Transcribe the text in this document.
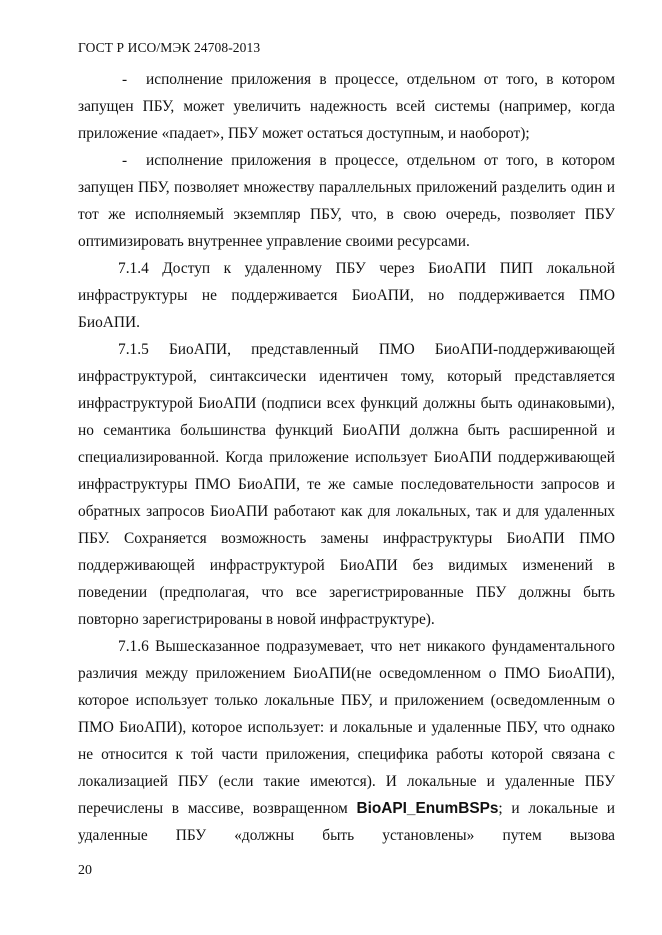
ГОСТ Р ИСО/МЭК 24708-2013

- исполнение приложения в процессе, отдельном от того, в котором запущен ПБУ, может увеличить надежность всей системы (например, когда приложение «падает», ПБУ может остаться доступным, и наоборот);

- исполнение приложения в процессе, отдельном от того, в котором запущен ПБУ, позволяет множеству параллельных приложений разделить один и тот же исполняемый экземпляр ПБУ, что, в свою очередь, позволяет ПБУ оптимизировать внутреннее управление своими ресурсами.

7.1.4 Доступ к удаленному ПБУ через БиоАПИ ПИП локальной инфраструктуры не поддерживается БиоАПИ, но поддерживается ПМО БиоАПИ.

7.1.5 БиоАПИ, представленный ПМО БиоАПИ-поддерживающей инфраструктурой, синтаксически идентичен тому, который представляется инфраструктурой БиоАПИ (подписи всех функций должны быть одинаковыми), но семантика большинства функций БиоАПИ должна быть расширенной и специализированной. Когда приложение использует БиоАПИ поддерживающей инфраструктуры ПМО БиоАПИ, те же самые последовательности запросов и обратных запросов БиоАПИ работают как для локальных, так и для удаленных ПБУ. Сохраняется возможность замены инфраструктуры БиоАПИ ПМО поддерживающей инфраструктурой БиоАПИ без видимых изменений в поведении (предполагая, что все зарегистрированные ПБУ должны быть повторно зарегистрированы в новой инфраструктуре).

7.1.6 Вышесказанное подразумевает, что нет никакого фундаментального различия между приложением БиоАПИ(не осведомленном о ПМО БиоАПИ), которое использует только локальные ПБУ, и приложением (осведомленным о ПМО БиоАПИ), которое использует: и локальные и удаленные ПБУ, что однако не относится к той части приложения, специфика работы которой связана с локализацией ПБУ (если такие имеются). И локальные и удаленные ПБУ перечислены в массиве, возвращенном BioAPI_EnumBSPs; и локальные и удаленные ПБУ «должны быть установлены» путем вызова

20
